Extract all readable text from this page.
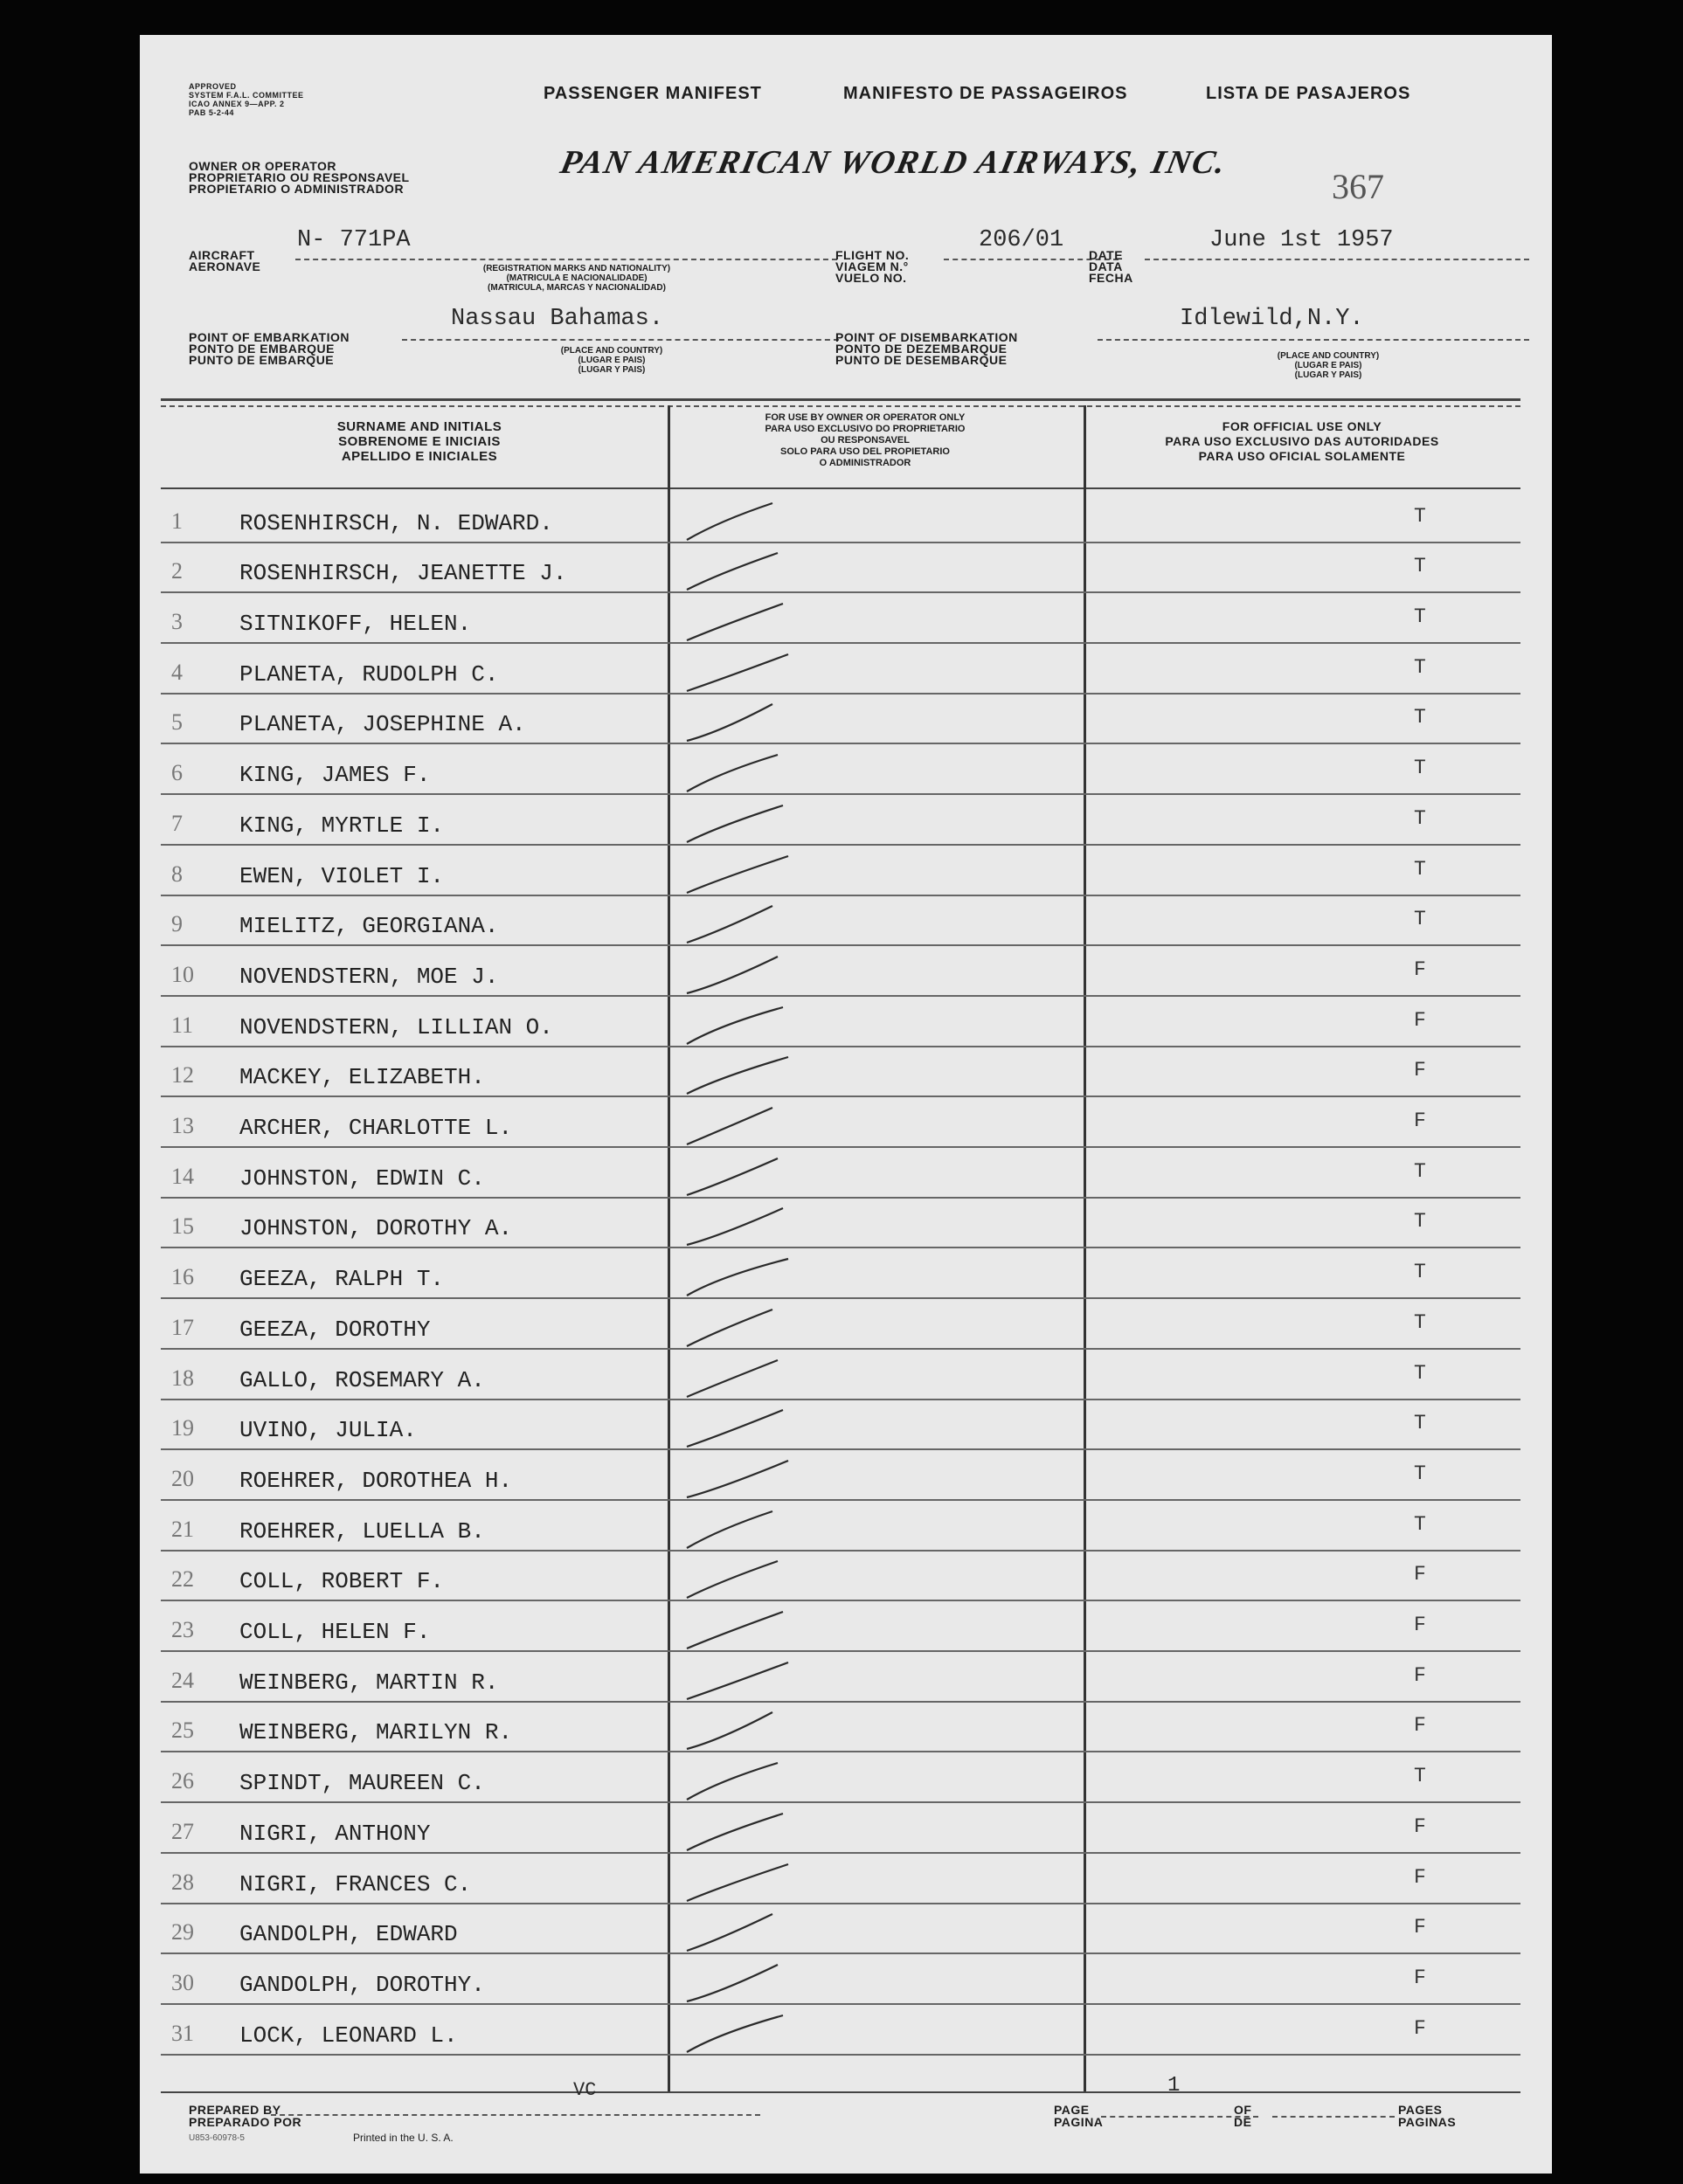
APPROVED
SYSTEM F.A.L. COMMITTEE
ICAO ANNEX 9—APP. 2
PAB 5-2-44
PASSENGER MANIFEST	MANIFESTO DE PASSAGEIROS	LISTA DE PASAJEROS
OWNER OR OPERATOR
PROPRIETARIO OU RESPONSAVEL
PROPIETARIO O ADMINISTRADOR
PAN AMERICAN WORLD AIRWAYS, INC.
367
AIRCRAFT
AERONAVE
N- 771PA
(REGISTRATION MARKS AND NATIONALITY)
(MATRICULA E NACIONALIDADE)
(MATRICULA, MARCAS Y NACIONALIDAD)
FLIGHT NO.
VIAGEM N.°
VUELO NO.
206/01
DATE
DATA
FECHA
June 1st 1957
POINT OF EMBARKATION
PONTO DE EMBARQUE
PUNTO DE EMBARQUE
Nassau Bahamas.
(PLACE AND COUNTRY)
(LUGAR E PAIS)
(LUGAR Y PAIS)
POINT OF DISEMBARKATION
PONTO DE DEZEMBARQUE
PUNTO DE DESEMBARQUE
Idlewild,N.Y.
(PLACE AND COUNTRY)
(LUGAR E PAIS)
(LUGAR Y PAIS)
SURNAME AND INITIALS
SOBRENOME E INICIAIS
APELLIDO E INICIALES
FOR USE BY OWNER OR OPERATOR ONLY
PARA USO EXCLUSIVO DO PROPRIETARIO
OU RESPONSAVEL
SOLO PARA USO DEL PROPIETARIO
O ADMINISTRADOR
FOR OFFICIAL USE ONLY
PARA USO EXCLUSIVO DAS AUTORIDADES
PARA USO OFICIAL SOLAMENTE
1	ROSENHIRSCH, N. EDWARD.	T
2	ROSENHIRSCH, JEANETTE J.	T
3	SITNIKOFF, HELEN.	T
4	PLANETA, RUDOLPH C.	T
5	PLANETA, JOSEPHINE A.	T
6	KING, JAMES F.	T
7	KING, MYRTLE I.	T
8	EWEN, VIOLET I.	T
9	MIELITZ, GEORGIANA.	T
10	NOVENDSTERN, MOE J.	F
11	NOVENDSTERN, LILLIAN O.	F
12	MACKEY, ELIZABETH.	F
13	ARCHER, CHARLOTTE L.	F
14	JOHNSTON, EDWIN C.	T
15	JOHNSTON, DOROTHY A.	T
16	GEEZA, RALPH T.	T
17	GEEZA, DOROTHY	T
18	GALLO, ROSEMARY A.	T
19	UVINO, JULIA.	T
20	ROEHRER, DOROTHEA H.	T
21	ROEHRER, LUELLA B.	T
22	COLL, ROBERT F.	F
23	COLL, HELEN F.	F
24	WEINBERG, MARTIN R.	F
25	WEINBERG, MARILYN R.	F
26	SPINDT, MAUREEN C.	T
27	NIGRI, ANTHONY	F
28	NIGRI, FRANCES C.	F
29	GANDOLPH, EDWARD	F
30	GANDOLPH, DOROTHY.	F
31	LOCK, LEONARD L.	F
PREPARED BY
PREPARADO POR
VC
U853-60978-5	Printed in the U. S. A.
PAGE
PAGINA
1
OF
DE
PAGES
PAGINAS
